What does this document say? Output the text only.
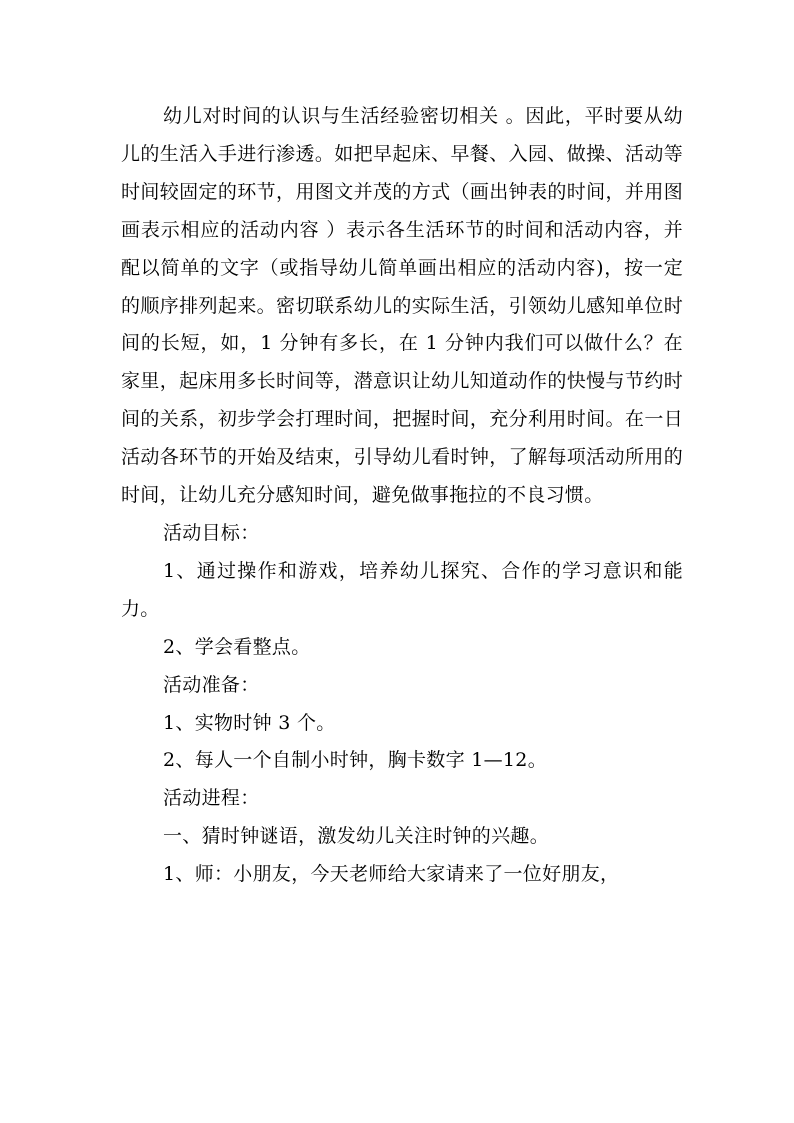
幼儿对时间的认识与生活经验密切相关 。因此，平时要从幼儿的生活入手进行渗透。如把早起床、早餐、入园、做操、活动等时间较固定的环节，用图文并茂的方式（画出钟表的时间，并用图画表示相应的活动内容 ）表示各生活环节的时间和活动内容，并配以简单的文字（或指导幼儿简单画出相应的活动内容)，按一定的顺序排列起来。密切联系幼儿的实际生活，引领幼儿感知单位时间的长短，如，1 分钟有多长，在 1 分钟内我们可以做什么？在家里，起床用多长时间等，潜意识让幼儿知道动作的快慢与节约时间的关系，初步学会打理时间，把握时间，充分利用时间。在一日活动各环节的开始及结束，引导幼儿看时钟，了解每项活动所用的时间，让幼儿充分感知时间，避免做事拖拉的不良习惯。

活动目标：

1、通过操作和游戏，培养幼儿探究、合作的学习意识和能力。

2、学会看整点。

活动准备：

1、实物时钟 3 个。

2、每人一个自制小时钟，胸卡数字 1—12。

活动进程：

一、猜时钟谜语，激发幼儿关注时钟的兴趣。

1、师：小朋友，今天老师给大家请来了一位好朋友，
